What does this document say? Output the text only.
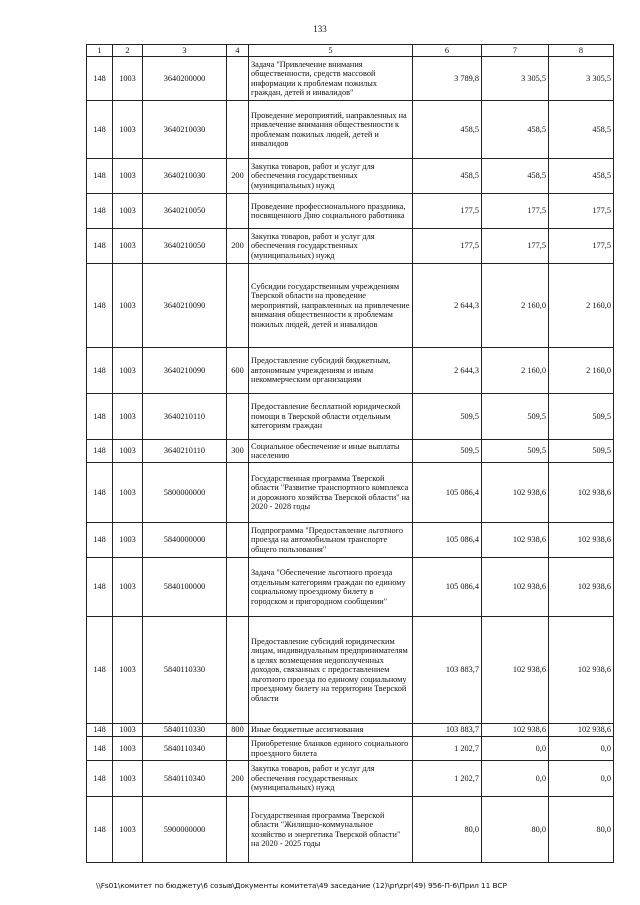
133
1	2	3	4	5	6	7	8
148	1003	3640200000		Задача "Привлечение внимания общественности, средств массовой информации к проблемам пожилых граждан, детей и инвалидов"	3 789,8	3 305,5	3 305,5
148	1003	3640210030		Проведение мероприятий, направленных на привлечение внимания общественности к проблемам пожилых людей, детей и инвалидов	458,5	458,5	458,5
148	1003	3640210030	200	Закупка товаров, работ и услуг для обеспечения государственных (муниципальных) нужд	458,5	458,5	458,5
148	1003	3640210050		Проведение профессионального праздника, посвященного Дню социального работника	177,5	177,5	177,5
148	1003	3640210050	200	Закупка товаров, работ и услуг для обеспечения государственных (муниципальных) нужд	177,5	177,5	177,5
148	1003	3640210090		Субсидии государственным учреждениям Тверской области на проведение мероприятий, направленных на привлечение внимания общественности к проблемам пожилых людей, детей и инвалидов	2 644,3	2 160,0	2 160,0
148	1003	3640210090	600	Предоставление субсидий бюджетным, автономным учреждениям и иным некоммерческим организациям	2 644,3	2 160,0	2 160,0
148	1003	3640210110		Предоставление бесплатной юридической помощи в Тверской области отдельным категориям граждан	509,5	509,5	509,5
148	1003	3640210110	300	Социальное обеспечение и иные выплаты населению	509,5	509,5	509,5
148	1003	5800000000		Государственная программа Тверской области "Развитие транспортного комплекса и дорожного хозяйства Тверской области" на 2020 - 2028 годы	105 086,4	102 938,6	102 938,6
148	1003	5840000000		Подпрограмма "Предоставление льготного проезда на автомобильном транспорте общего пользования"	105 086,4	102 938,6	102 938,6
148	1003	5840100000		Задача "Обеспечение льготного проезда отдельным категориям граждан по единому социальному проездному билету в городском и пригородном сообщении"	105 086,4	102 938,6	102 938,6
148	1003	5840110330		Предоставление субсидий юридическим лицам, индивидуальным предпринимателям в целях возмещения недополученных доходов, связанных с предоставлением льготного проезда по единому социальному проездному билету на территории Тверской области	103 883,7	102 938,6	102 938,6
148	1003	5840110330	800	Иные бюджетные ассигнования	103 883,7	102 938,6	102 938,6
148	1003	5840110340		Приобретение бланков единого социального проездного билета	1 202,7	0,0	0,0
148	1003	5840110340	200	Закупка товаров, работ и услуг для обеспечения государственных (муниципальных) нужд	1 202,7	0,0	0,0
148	1003	5900000000		Государственная программа Тверской области "Жилищно-коммунальное хозяйство и энергетика Тверской области" на 2020 - 2025 годы	80,0	80,0	80,0
\\Fs01\комитет по бюджету\6 созыв\Документы комитета\49 заседание (12)\pr\zpr(49) 956-П-6\Прил 11 ВСР
